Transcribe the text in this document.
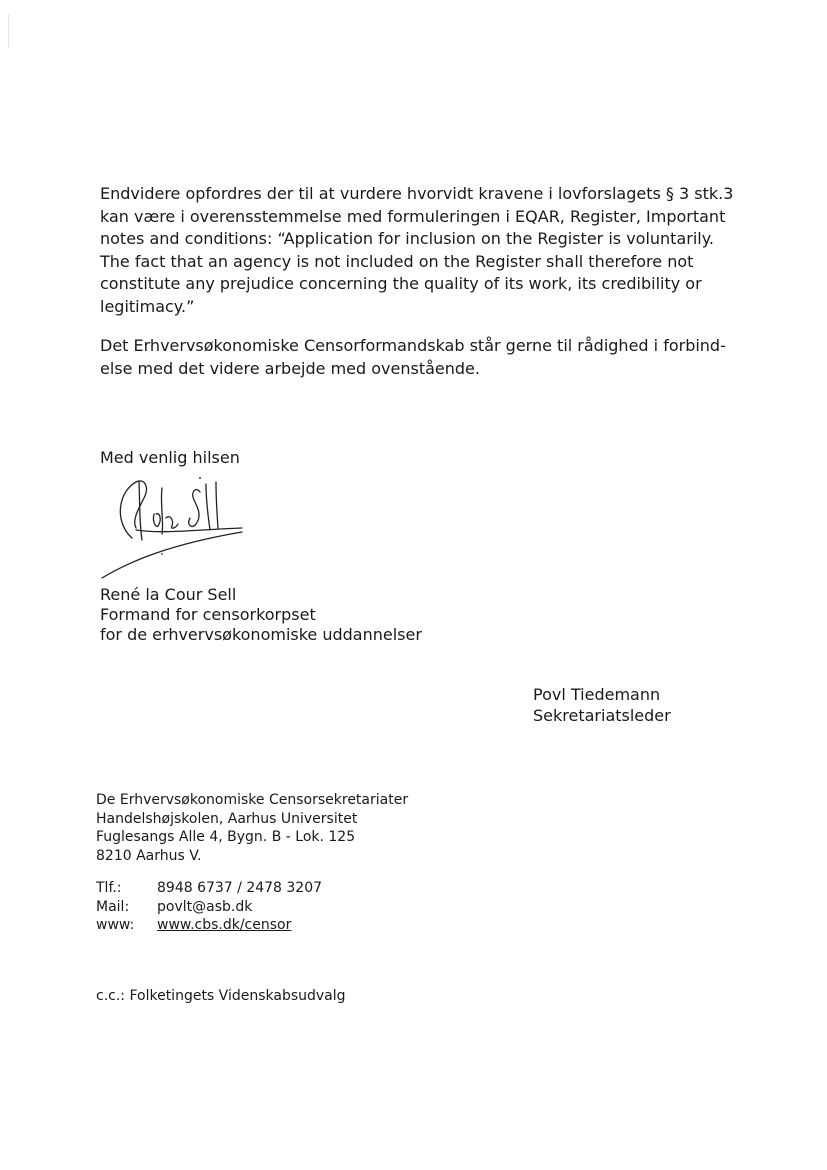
Endvidere opfordres der til at vurdere hvorvidt kravene i lovforslagets § 3 stk.3
kan være i overensstemmelse med formuleringen i EQAR, Register, Important
notes and conditions: “Application for inclusion on the Register is voluntarily.
The fact that an agency is not included on the Register shall therefore not
constitute any prejudice concerning the quality of its work, its credibility or
legitimacy.”

Det Erhvervsøkonomiske Censorformandskab står gerne til rådighed i forbind-
else med det videre arbejde med ovenstående.

Med venlig hilsen
René la Cour Sell
Formand for censorkorpset
for de erhvervsøkonomiske uddannelser
Povl Tiedemann
Sekretariatsleder
De Erhvervsøkonomiske Censorsekretariater
Handelshøjskolen, Aarhus Universitet
Fuglesangs Alle 4, Bygn. B - Lok. 125
8210 Aarhus V.
Tlf.:	8948 6737 / 2478 3207
Mail:	povlt@asb.dk
www:	www.cbs.dk/censor
c.c.: Folketingets Videnskabsudvalg
